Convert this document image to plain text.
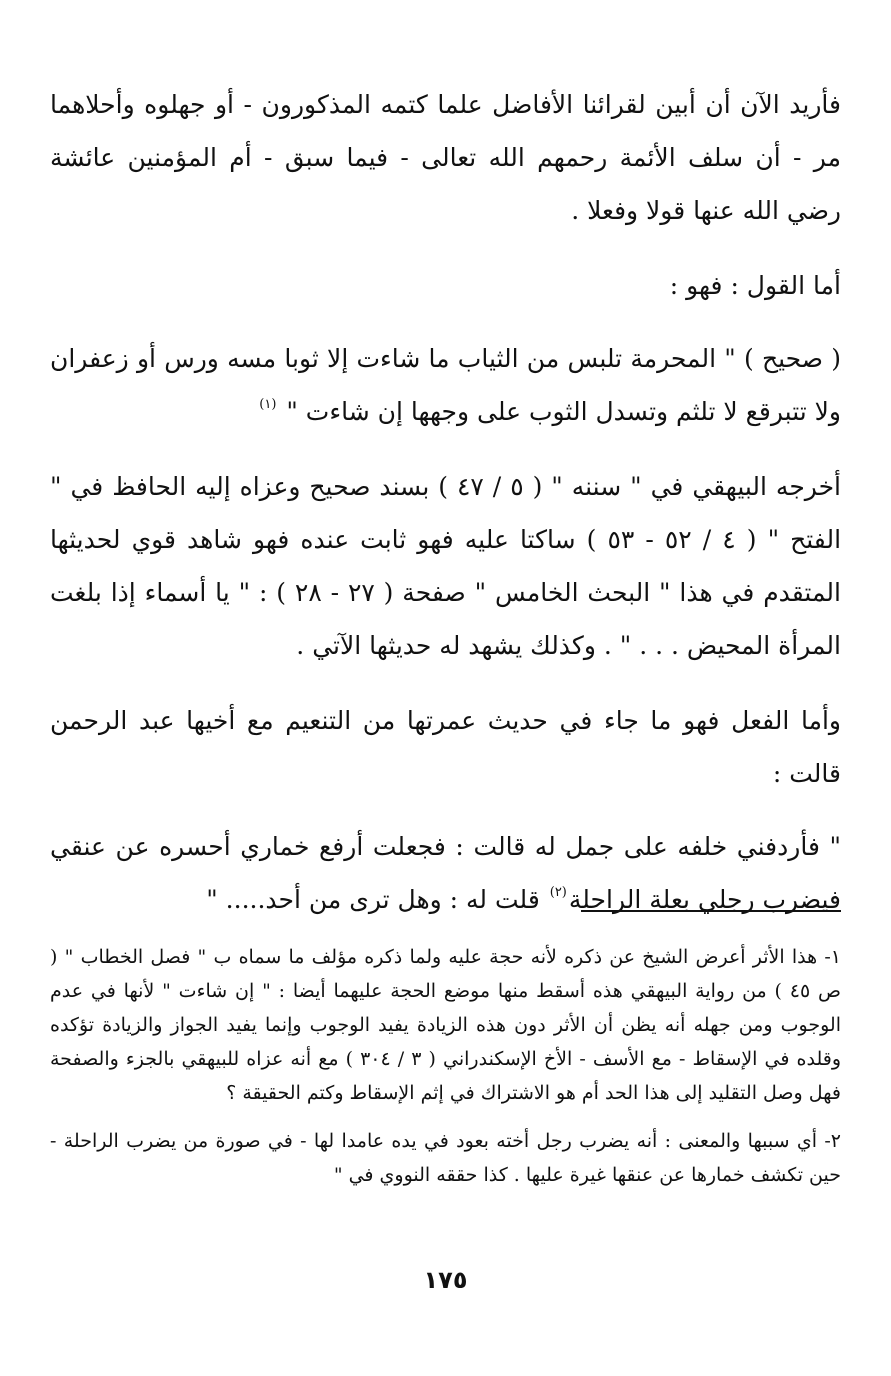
فأريد الآن أن أبين لقرائنا الأفاضل علما كتمه المذكورون - أو جهلوه وأحلاهما مر - أن سلف الأئمة رحمهم الله تعالى - فيما سبق - أم المؤمنين عائشة رضي الله عنها قولا وفعلا .

أما القول : فهو :

( صحيح ) " المحرمة تلبس من الثياب ما شاءت إلا ثوبا مسه ورس أو زعفران ولا تتبرقع لا تلثم وتسدل الثوب على وجهها إن شاءت " $^{(١)}$

أخرجه البيهقي في " سننه " ( ٥ / ٤٧ ) بسند صحيح وعزاه إليه الحافظ في " الفتح " ( ٤ / ٥٢ - ٥٣ ) ساكتا عليه فهو ثابت عنده فهو شاهد قوي لحديثها المتقدم في هذا " البحث الخامس " صفحة ( ٢٧ - ٢٨ ) : " يا أسماء إذا بلغت المرأة المحيض . . . " . وكذلك يشهد له حديثها الآتي .

وأما الفعل فهو ما جاء في حديث عمرتها من التنعيم مع أخيها عبد الرحمن قالت :

" فأردفني خلفه على جمل له قالت : فجعلت أرفع خماري أحسره عن عنقي فيضرب رجلي بعلة الراحلة$^{(٢)}$ قلت له : وهل ترى من أحد..... "

١- هذا الأثر أعرض الشيخ عن ذكره لأنه حجة عليه ولما ذكره مؤلف ما سماه ب " فصل الخطاب " ( ص ٤٥ ) من رواية البيهقي هذه أسقط منها موضع الحجة عليهما أيضا : " إن شاءت " لأنها في عدم الوجوب ومن جهله أنه يظن أن الأثر دون هذه الزيادة يفيد الوجوب وإنما يفيد الجواز والزيادة تؤكده وقلده في الإسقاط - مع الأسف - الأخ الإسكندراني ( ٣ / ٣٠٤ ) مع أنه عزاه للبيهقي بالجزء والصفحة فهل وصل التقليد إلى هذا الحد أم هو الاشتراك في إثم الإسقاط وكتم الحقيقة ؟

٢- أي سببها والمعنى : أنه يضرب رجل أخته بعود في يده عامدا لها - في صورة من يضرب الراحلة - حين تكشف خمارها عن عنقها غيرة عليها . كذا حققه النووي في "

١٧٥
